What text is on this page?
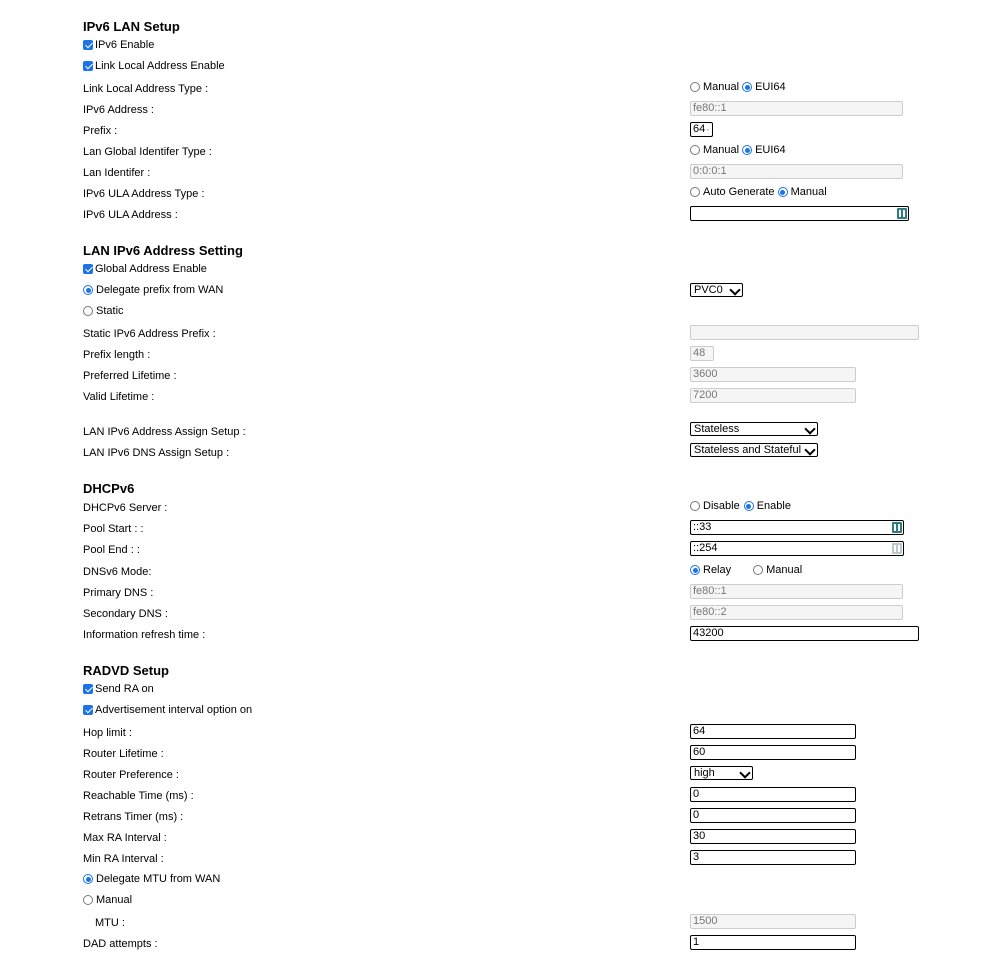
IPv6 LAN Setup
IPv6 Enable
Link Local Address Enable
Link Local Address Type :	Manual EUI64
IPv6 Address :	fe80::1
Prefix :	64◦
Lan Global Identifer Type :	Manual EUI64
Lan Identifer :	0:0:0:1
IPv6 ULA Address Type :	Auto Generate Manual
IPv6 ULA Address :
LAN IPv6 Address Setting
Global Address Enable
Delegate prefix from WAN	PVC0
Static
Static IPv6 Address Prefix :
Prefix length :	48
Preferred Lifetime :	3600
Valid Lifetime :	7200
LAN IPv6 Address Assign Setup :	Stateless
LAN IPv6 DNS Assign Setup :	Stateless and Stateful
DHCPv6
DHCPv6 Server :	Disable Enable
Pool Start : :	::33
Pool End : :	::254
DNSv6 Mode:	Relay	Manual
Primary DNS :	fe80::1
Secondary DNS :	fe80::2
Information refresh time :	43200
RADVD Setup
Send RA on
Advertisement interval option on
Hop limit :	64
Router Lifetime :	60
Router Preference :	high
Reachable Time (ms) :	0
Retrans Timer (ms) :	0
Max RA Interval :	30
Min RA Interval :	3
Delegate MTU from WAN
Manual
MTU :	1500
DAD attempts :	1
